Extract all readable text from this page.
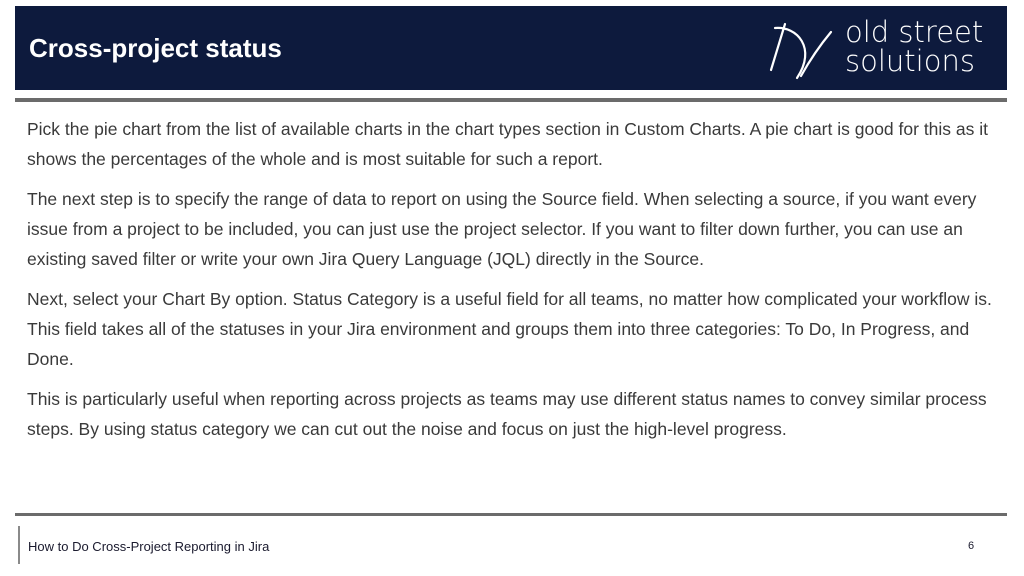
Cross-project status	old street
solutions

Pick the pie chart from the list of available charts in the chart types section in Custom Charts. A pie chart is good for this as it shows the percentages of the whole and is most suitable for such a report.

The next step is to specify the range of data to report on using the Source field. When selecting a source, if you want every issue from a project to be included, you can just use the project selector. If you want to filter down further, you can use an existing saved filter or write your own Jira Query Language (JQL) directly in the Source.

Next, select your Chart By option. Status Category is a useful field for all teams, no matter how complicated your workflow is. This field takes all of the statuses in your Jira environment and groups them into three categories: To Do, In Progress, and Done.

This is particularly useful when reporting across projects as teams may use different status names to convey similar process steps. By using status category we can cut out the noise and focus on just the high-level progress.

How to Do Cross-Project Reporting in Jira	6
